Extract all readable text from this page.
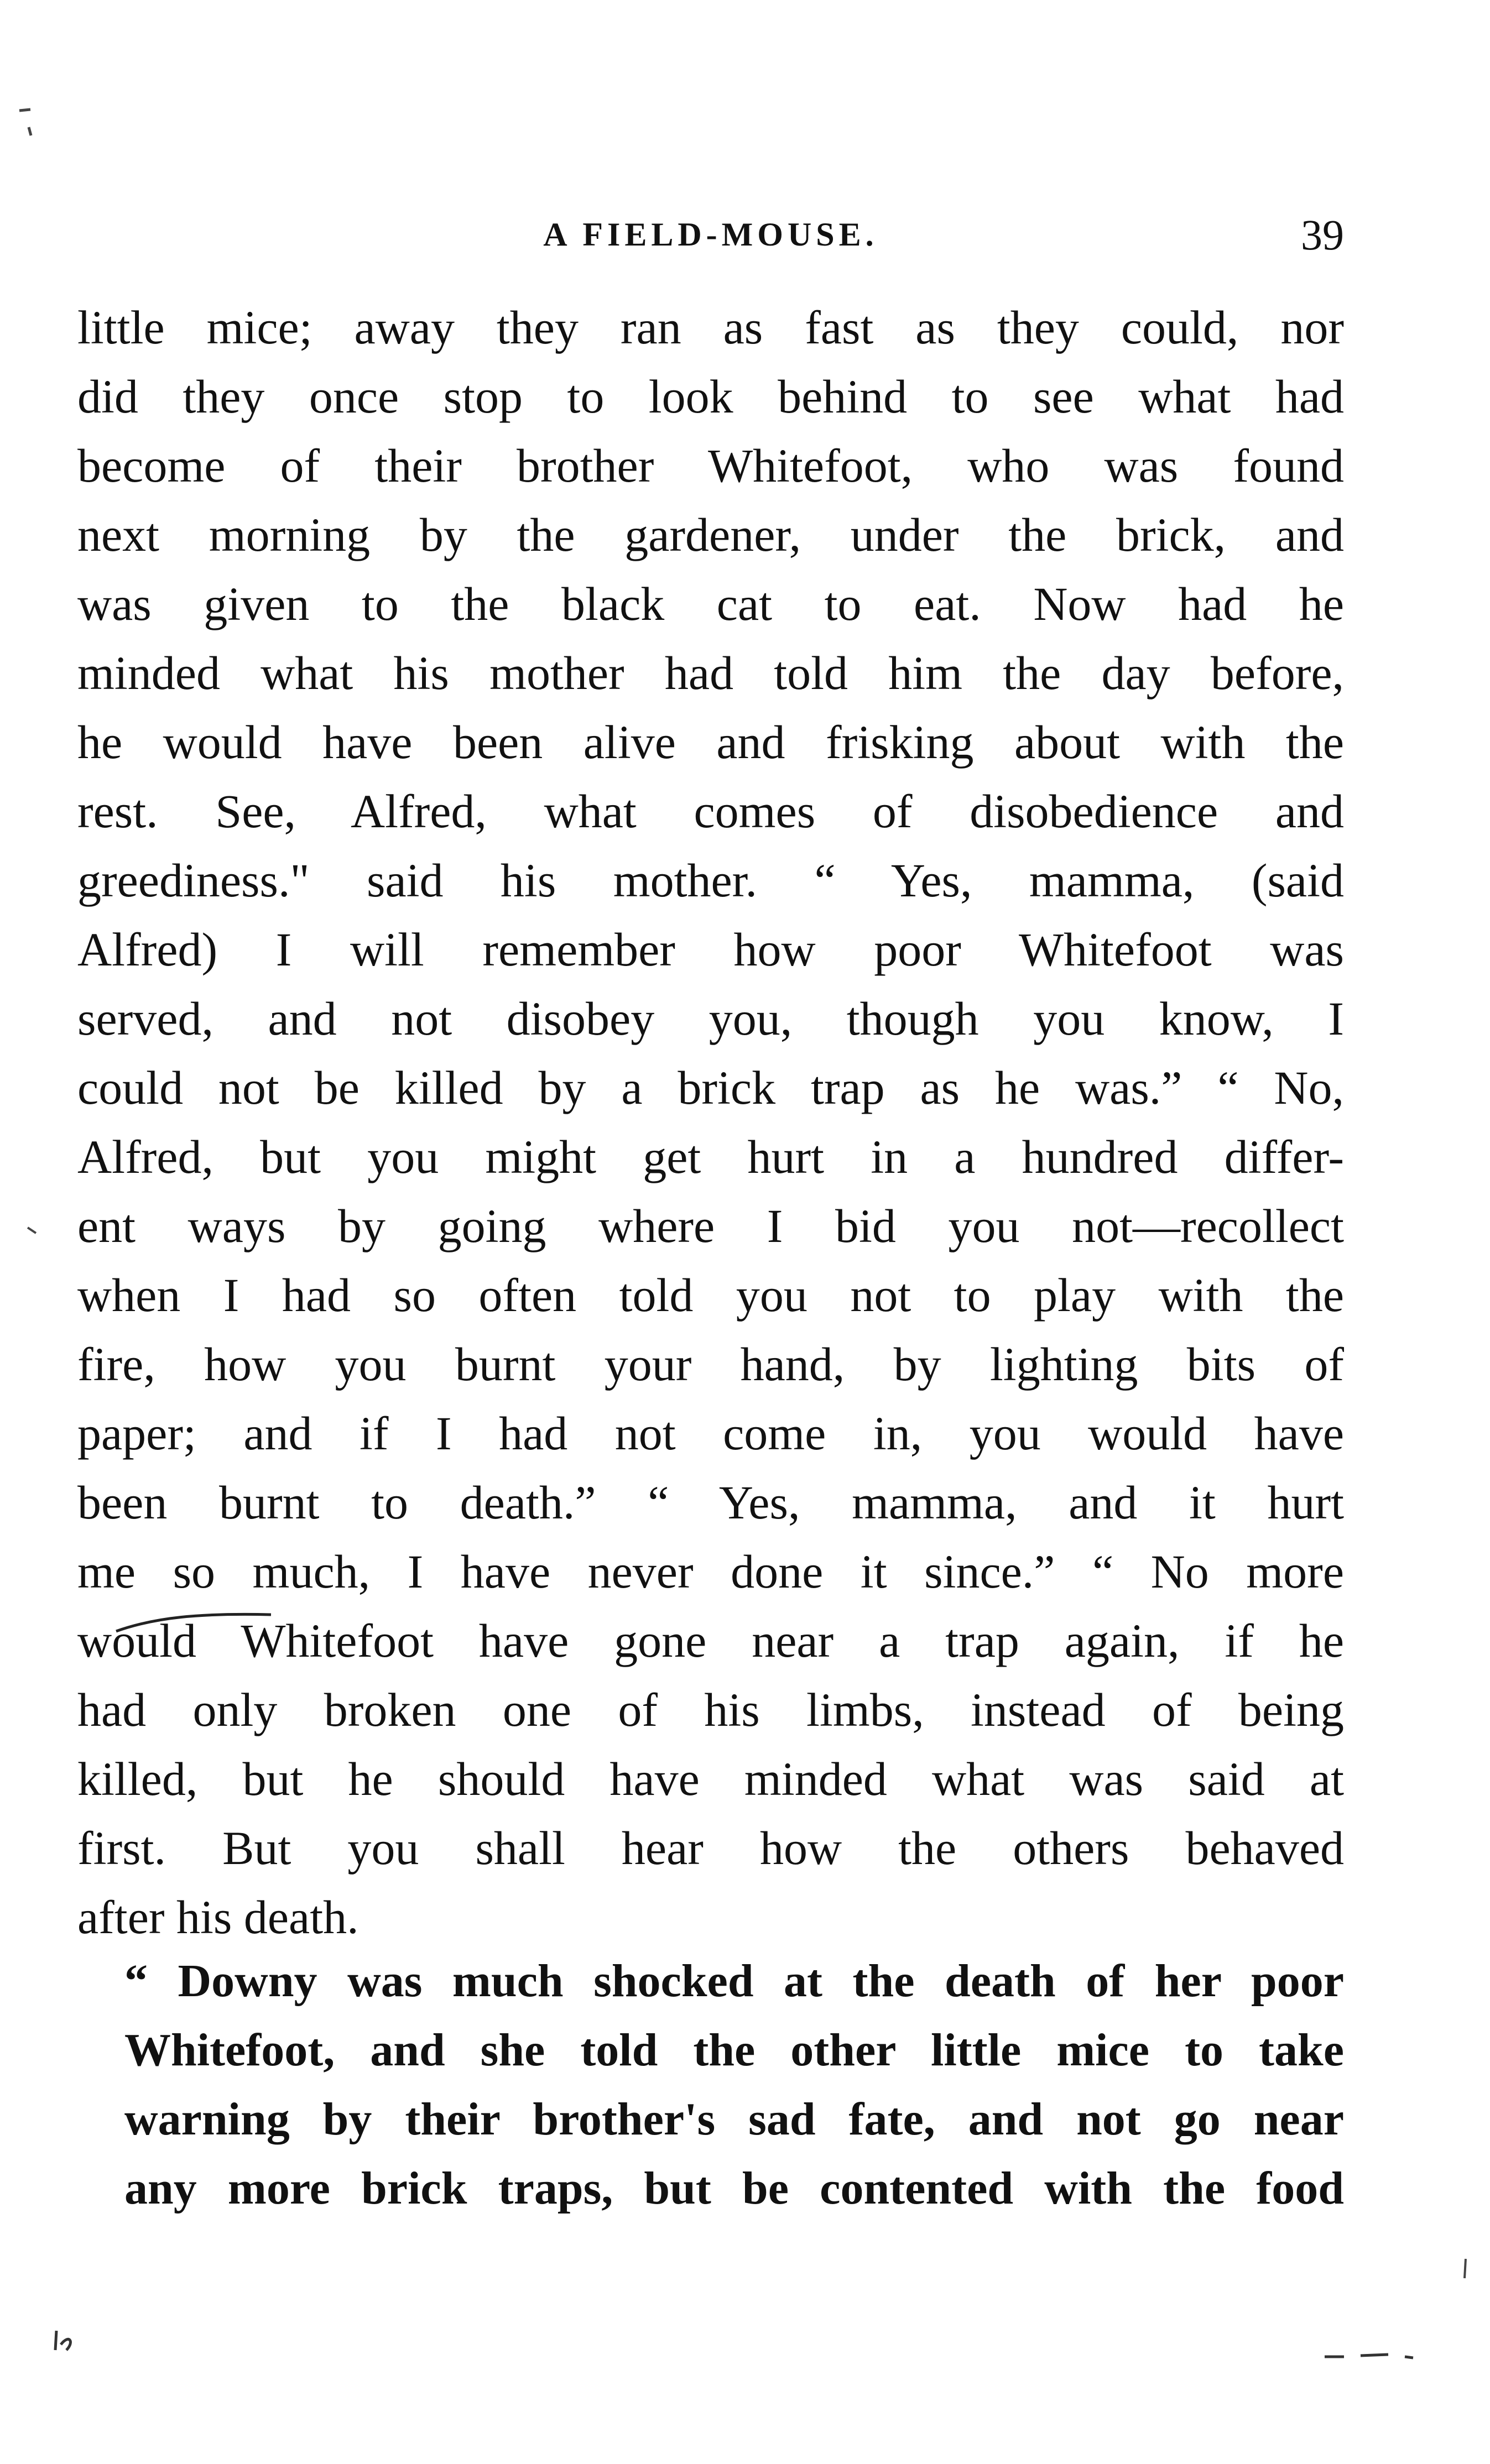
A FIELD-MOUSE.	39
little mice; away they ran as fast as they could, nor
did they once stop to look behind to see what had
become of their brother Whitefoot, who was found
next morning by the gardener, under the brick, and
was given to the black cat to eat. Now had he
minded what his mother had told him the day before,
he would have been alive and frisking about with the
rest. See, Alfred, what comes of disobedience and
greediness." said his mother. “ Yes, mamma, (said
Alfred) I will remember how poor Whitefoot was
served, and not disobey you, though you know, I
could not be killed by a brick trap as he was.” “ No,
Alfred, but you might get hurt in a hundred differ-
ent ways by going where I bid you not—recollect
when I had so often told you not to play with the
fire, how you burnt your hand, by lighting bits of
paper; and if I had not come in, you would have
been burnt to death.” “ Yes, mamma, and it hurt
me so much, I have never done it since.” “ No more
would Whitefoot have gone near a trap again, if he
had only broken one of his limbs, instead of being
killed, but he should have minded what was said at
first. But you shall hear how the others behaved
after his death.
“ Downy was much shocked at the death of her poor
Whitefoot, and she told the other little mice to take
warning by their brother's sad fate, and not go near
any more brick traps, but be contented with the food
